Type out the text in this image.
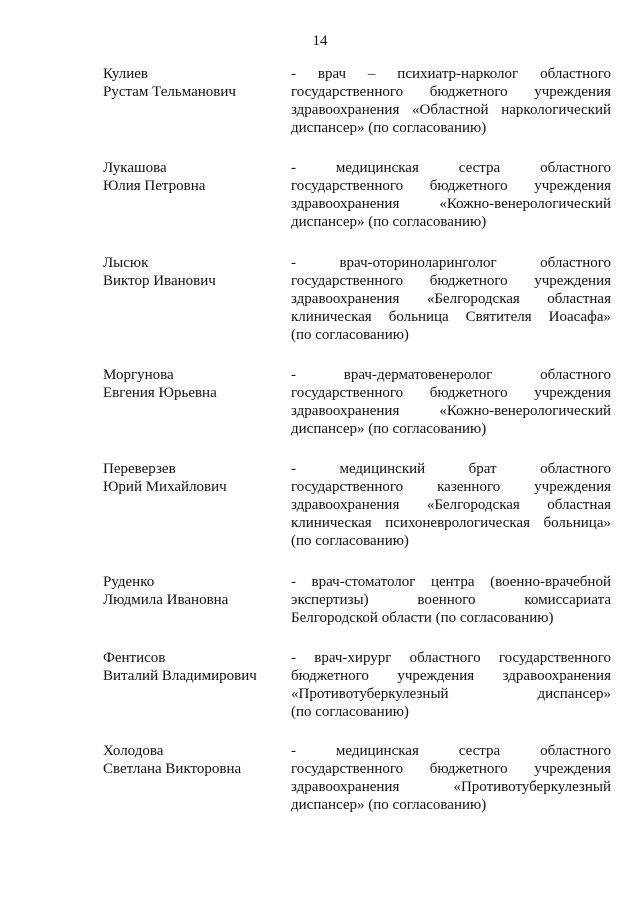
14
Кулиев
Рустам Тельманович
- врач – психиатр-нарколог областного
государственного бюджетного учреждения
здравоохранения «Областной наркологический
диспансер» (по согласованию)
Лукашова
Юлия Петровна
- медицинская сестра областного
государственного бюджетного учреждения
здравоохранения «Кожно-венерологический
диспансер» (по согласованию)
Лысюк
Виктор Иванович
- врач-оториноларинголог областного
государственного бюджетного учреждения
здравоохранения «Белгородская областная
клиническая больница Святителя Иоасафа»
(по согласованию)
Моргунова
Евгения Юрьевна
- врач-дерматовенеролог областного
государственного бюджетного учреждения
здравоохранения «Кожно-венерологический
диспансер» (по согласованию)
Переверзев
Юрий Михайлович
- медицинский брат областного
государственного казенного учреждения
здравоохранения «Белгородская областная
клиническая психоневрологическая больница»
(по согласованию)
Руденко
Людмила Ивановна
- врач-стоматолог центра (военно-врачебной
экспертизы) военного комиссариата
Белгородской области (по согласованию)
Фентисов
Виталий Владимирович
- врач-хирург областного государственного
бюджетного учреждения здравоохранения
«Противотуберкулезный диспансер»
(по согласованию)
Холодова
Светлана Викторовна
- медицинская сестра областного
государственного бюджетного учреждения
здравоохранения «Противотуберкулезный
диспансер» (по согласованию)
